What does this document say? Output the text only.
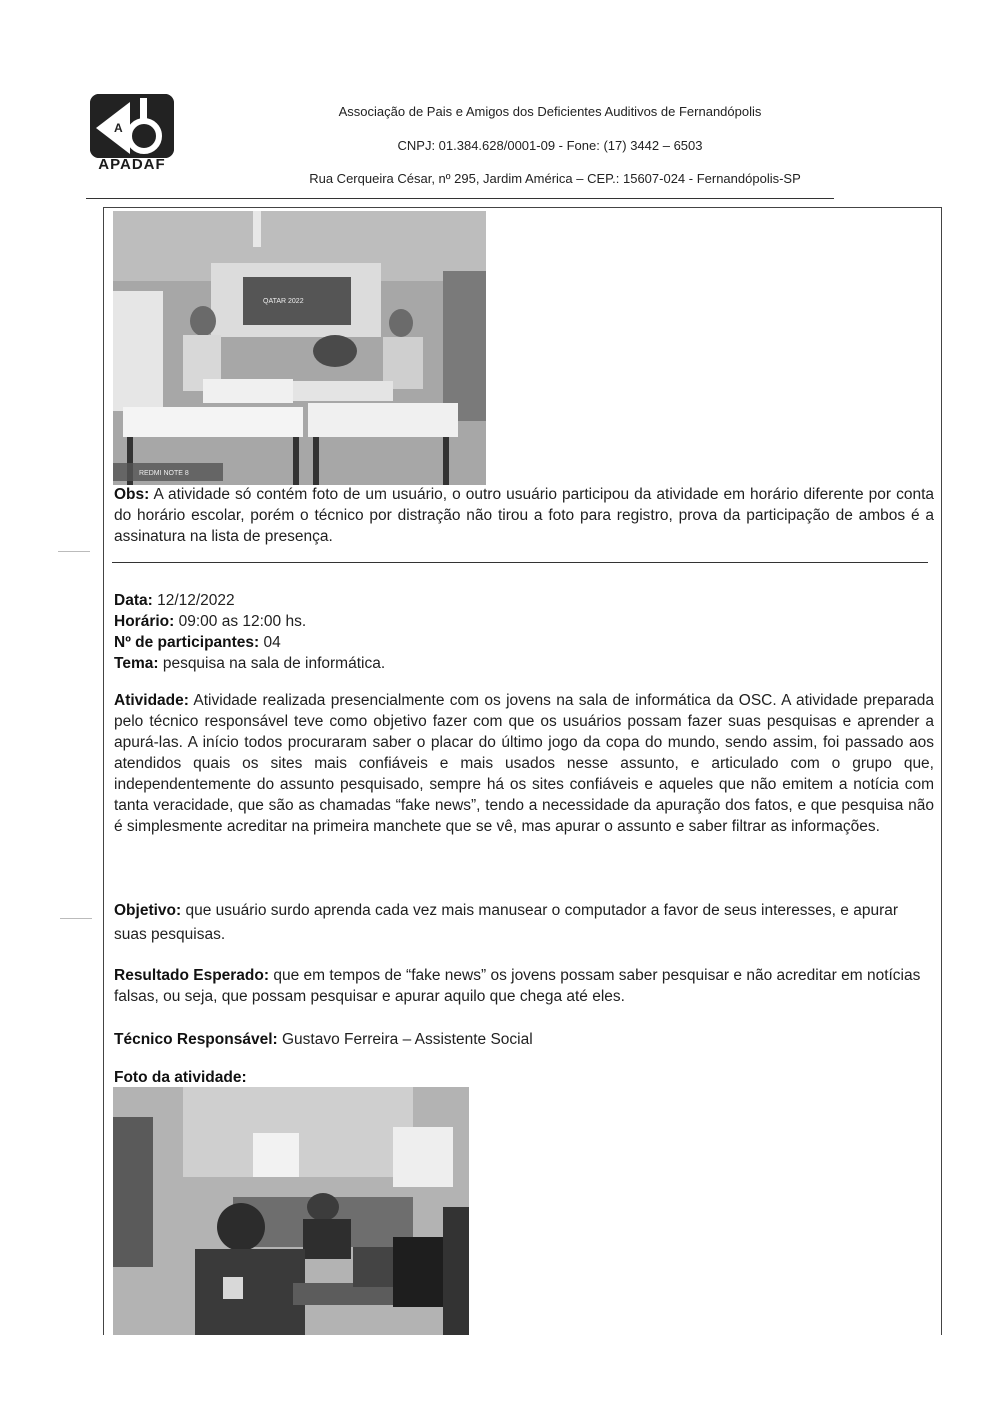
A
APADAF
Associação de Pais e Amigos dos Deficientes Auditivos de Fernandópolis
CNPJ: 01.384.628/0001-09 - Fone: (17) 3442 – 6503
Rua Cerqueira César, nº 295, Jardim América – CEP.: 15607-024 - Fernandópolis-SP
QATAR 2022
REDMI NOTE 8
Obs: A atividade só contém foto de um usuário, o outro usuário participou da atividade em horário diferente por conta do horário escolar, porém o técnico por distração não tirou a foto para registro, prova da participação de ambos é a assinatura na lista de presença.
Data: 12/12/2022
Horário: 09:00 as 12:00 hs.
Nº de participantes: 04
Tema: pesquisa na sala de informática.
Atividade: Atividade realizada presencialmente com os jovens na sala de informática da OSC. A atividade preparada pelo técnico responsável teve como objetivo fazer com que os usuários possam fazer suas pesquisas e aprender a apurá-las. A início todos procuraram saber o placar do último jogo da copa do mundo, sendo assim, foi passado aos atendidos quais os sites mais confiáveis e mais usados nesse assunto, e articulado com o grupo que, independentemente do assunto pesquisado, sempre há os sites confiáveis e aqueles que não emitem a notícia com tanta veracidade, que são as chamadas “fake news”, tendo a necessidade da apuração dos fatos, e que pesquisa não é simplesmente acreditar na primeira manchete que se vê, mas apurar o assunto e saber filtrar as informações.
Objetivo: que usuário surdo aprenda cada vez mais manusear o computador a favor de seus interesses, e apurar suas pesquisas.
Resultado Esperado: que em tempos de “fake news” os jovens possam saber pesquisar e não acreditar em notícias falsas, ou seja, que possam pesquisar e apurar aquilo que chega até eles.
Técnico Responsável: Gustavo Ferreira – Assistente Social
Foto da atividade:
